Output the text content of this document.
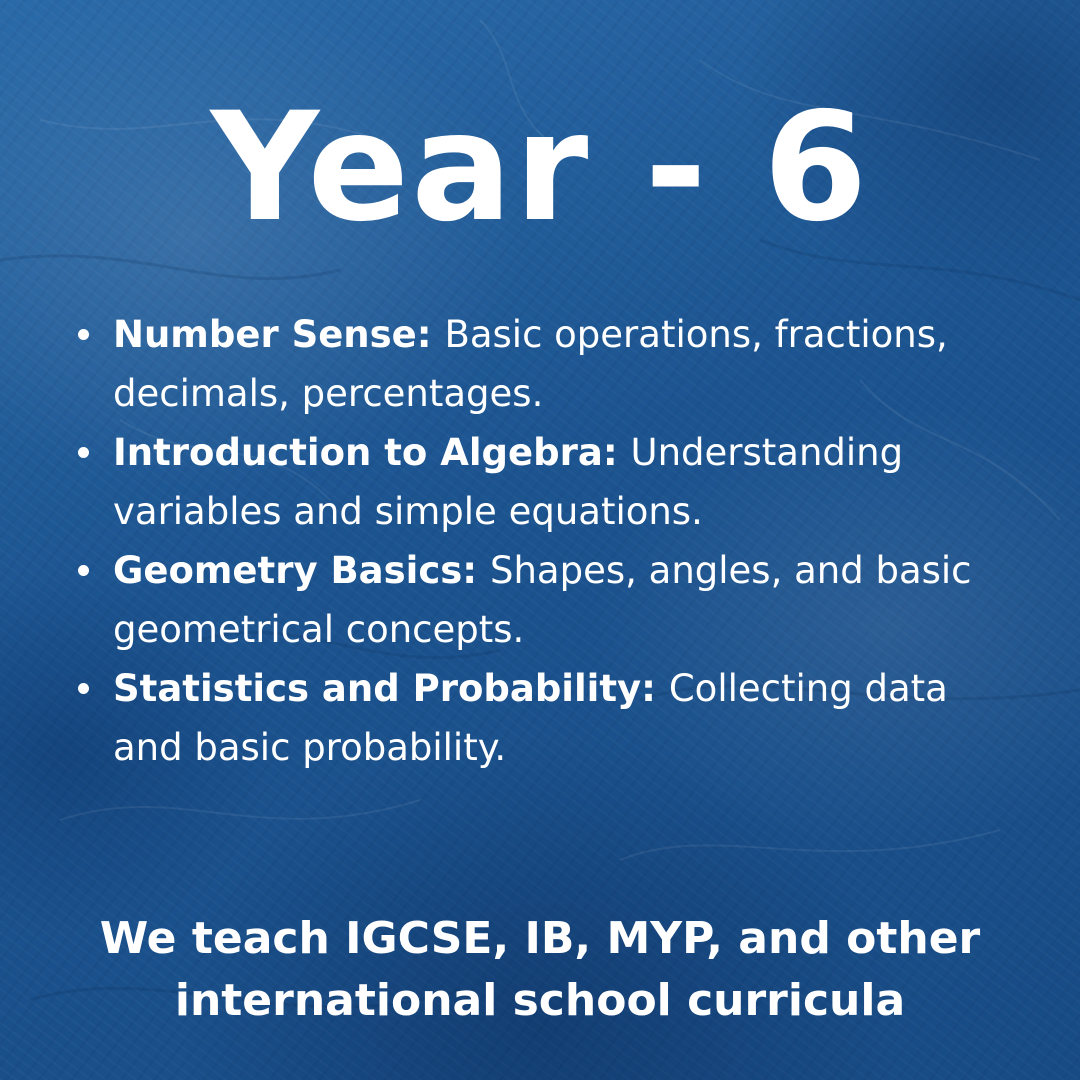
Year - 6
Number Sense: Basic operations, fractions, decimals, percentages.
Introduction to Algebra: Understanding variables and simple equations.
Geometry Basics: Shapes, angles, and basic geometrical concepts.
Statistics and Probability: Collecting data and basic probability.

We teach IGCSE, IB, MYP, and other
international school curricula
